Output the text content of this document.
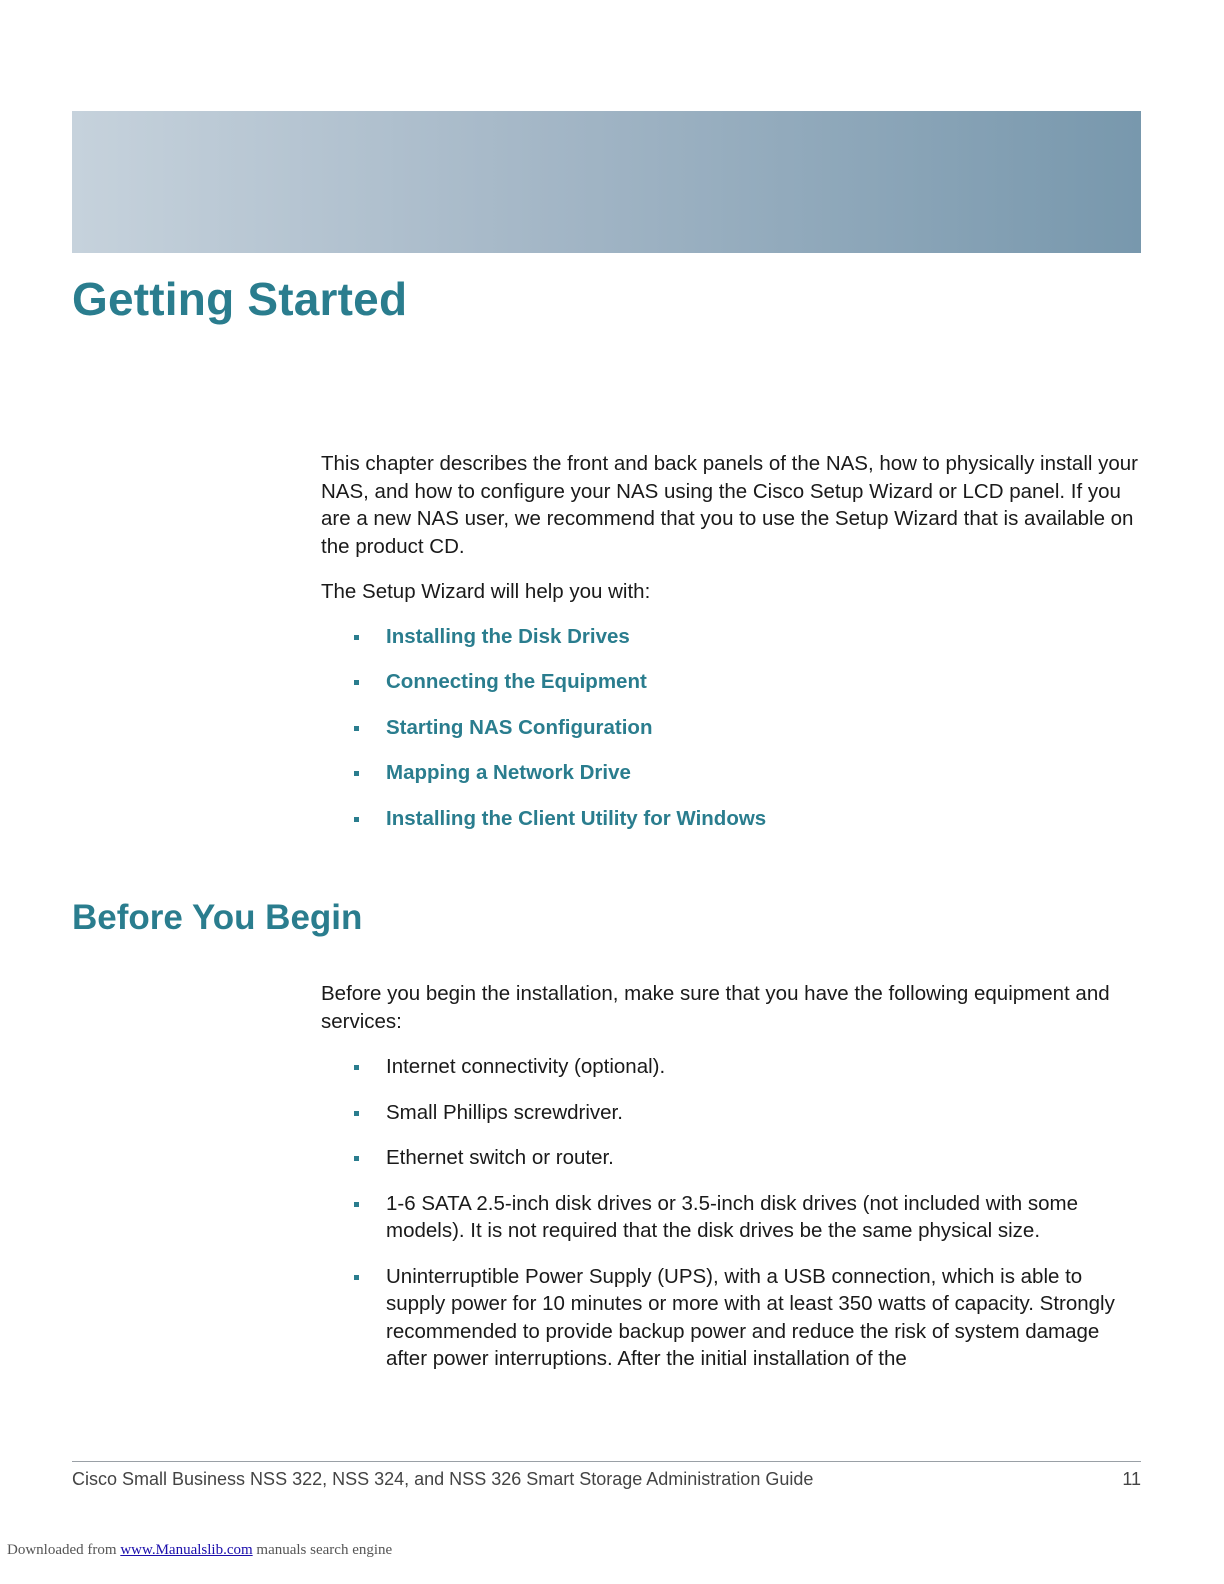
Getting Started

This chapter describes the front and back panels of the NAS, how to physically install your NAS, and how to configure your NAS using the Cisco Setup Wizard or LCD panel. If you are a new NAS user, we recommend that you to use the Setup Wizard that is available on the product CD.

The Setup Wizard will help you with:

Installing the Disk Drives
Connecting the Equipment
Starting NAS Configuration
Mapping a Network Drive
Installing the Client Utility for Windows
Before You Begin

Before you begin the installation, make sure that you have the following equipment and services:

Internet connectivity (optional).
Small Phillips screwdriver.
Ethernet switch or router.
1-6 SATA 2.5-inch disk drives or 3.5-inch disk drives (not included with some models). It is not required that the disk drives be the same physical size.
Uninterruptible Power Supply (UPS), with a USB connection, which is able to supply power for 10 minutes or more with at least 350 watts of capacity. Strongly recommended to provide backup power and reduce the risk of system damage after power interruptions. After the initial installation of the
Cisco Small Business NSS 322, NSS 324, and NSS 326 Smart Storage Administration Guide	11
Downloaded from www.Manualslib.com manuals search engine
